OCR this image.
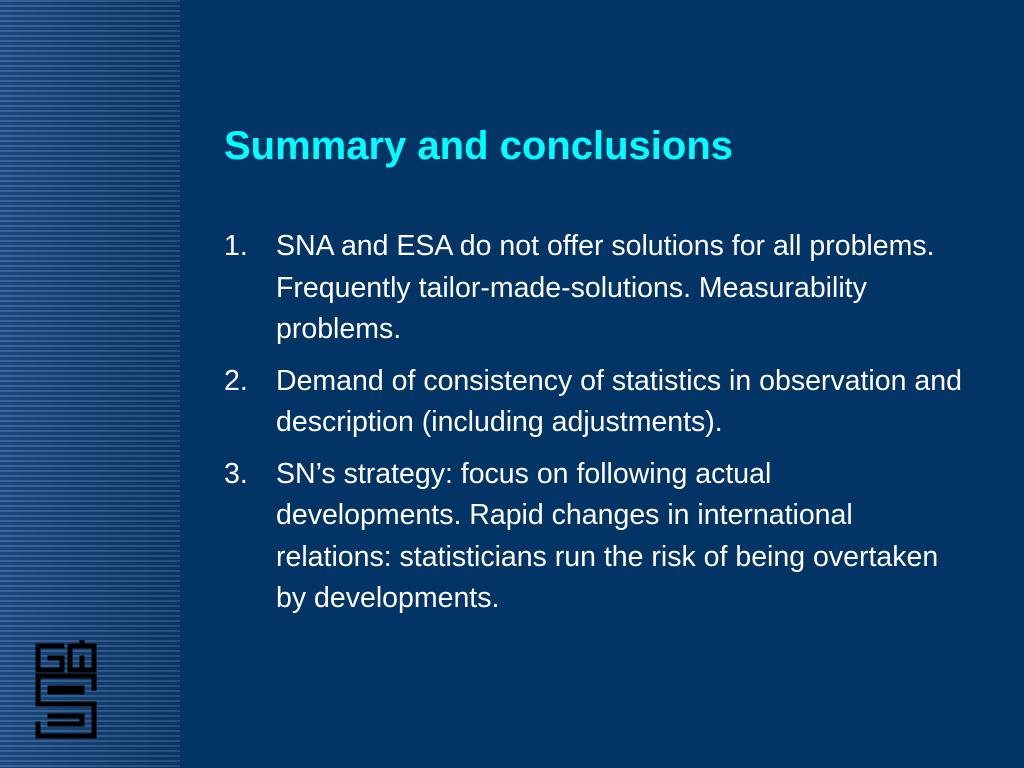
Summary and conclusions
1. SNA and ESA do not offer solutions for all problems. Frequently tailor-made-solutions. Measurability problems.
2. Demand of consistency of statistics in observation and description (including adjustments).
3. SN’s strategy: focus on following actual developments. Rapid changes in international relations: statisticians run the risk of being overtaken by developments.
